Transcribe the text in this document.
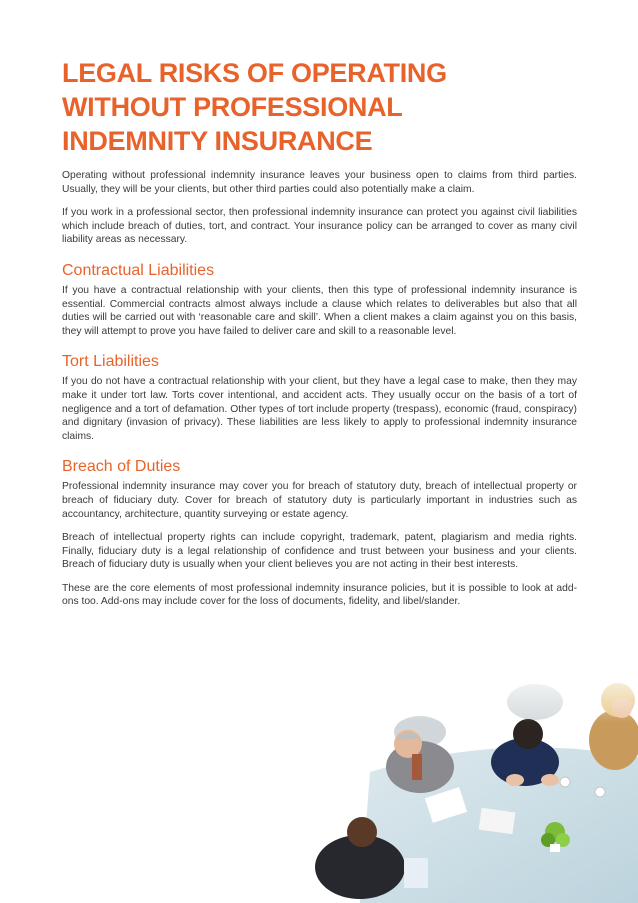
LEGAL RISKS OF OPERATING
WITHOUT PROFESSIONAL
INDEMNITY INSURANCE

Operating without professional indemnity insurance leaves your business open to claims from third parties. Usually, they will be your clients, but other third parties could also potentially make a claim.

If you work in a professional sector, then professional indemnity insurance can protect you against civil liabilities which include breach of duties, tort, and contract. Your insurance policy can be arranged to cover as many civil liability areas as necessary.

Contractual Liabilities

If you have a contractual relationship with your clients, then this type of professional indemnity insurance is essential. Commercial contracts almost always include a clause which relates to deliverables but also that all duties will be carried out with ‘reasonable care and skill’. When a client makes a claim against you on this basis, they will attempt to prove you have failed to deliver care and skill to a reasonable level.

Tort Liabilities

If you do not have a contractual relationship with your client, but they have a legal case to make, then they may make it under tort law. Torts cover intentional, and accident acts. They usually occur on the basis of a tort of negligence and a tort of defamation. Other types of tort include property (trespass), economic (fraud, conspiracy) and dignitary (invasion of privacy). These liabilities are less likely to apply to professional indemnity insurance claims.

Breach of Duties

Professional indemnity insurance may cover you for breach of statutory duty, breach of intellectual property or breach of fiduciary duty. Cover for breach of statutory duty is particularly important in industries such as accountancy, architecture, quantity surveying or estate agency.

Breach of intellectual property rights can include copyright, trademark, patent, plagiarism and media rights. Finally, fiduciary duty is a legal relationship of confidence and trust between your business and your clients. Breach of fiduciary duty is usually when your client believes you are not acting in their best interests.

These are the core elements of most professional indemnity insurance policies, but it is possible to look at add-ons too. Add-ons may include cover for the loss of documents, fidelity, and libel/slander.
